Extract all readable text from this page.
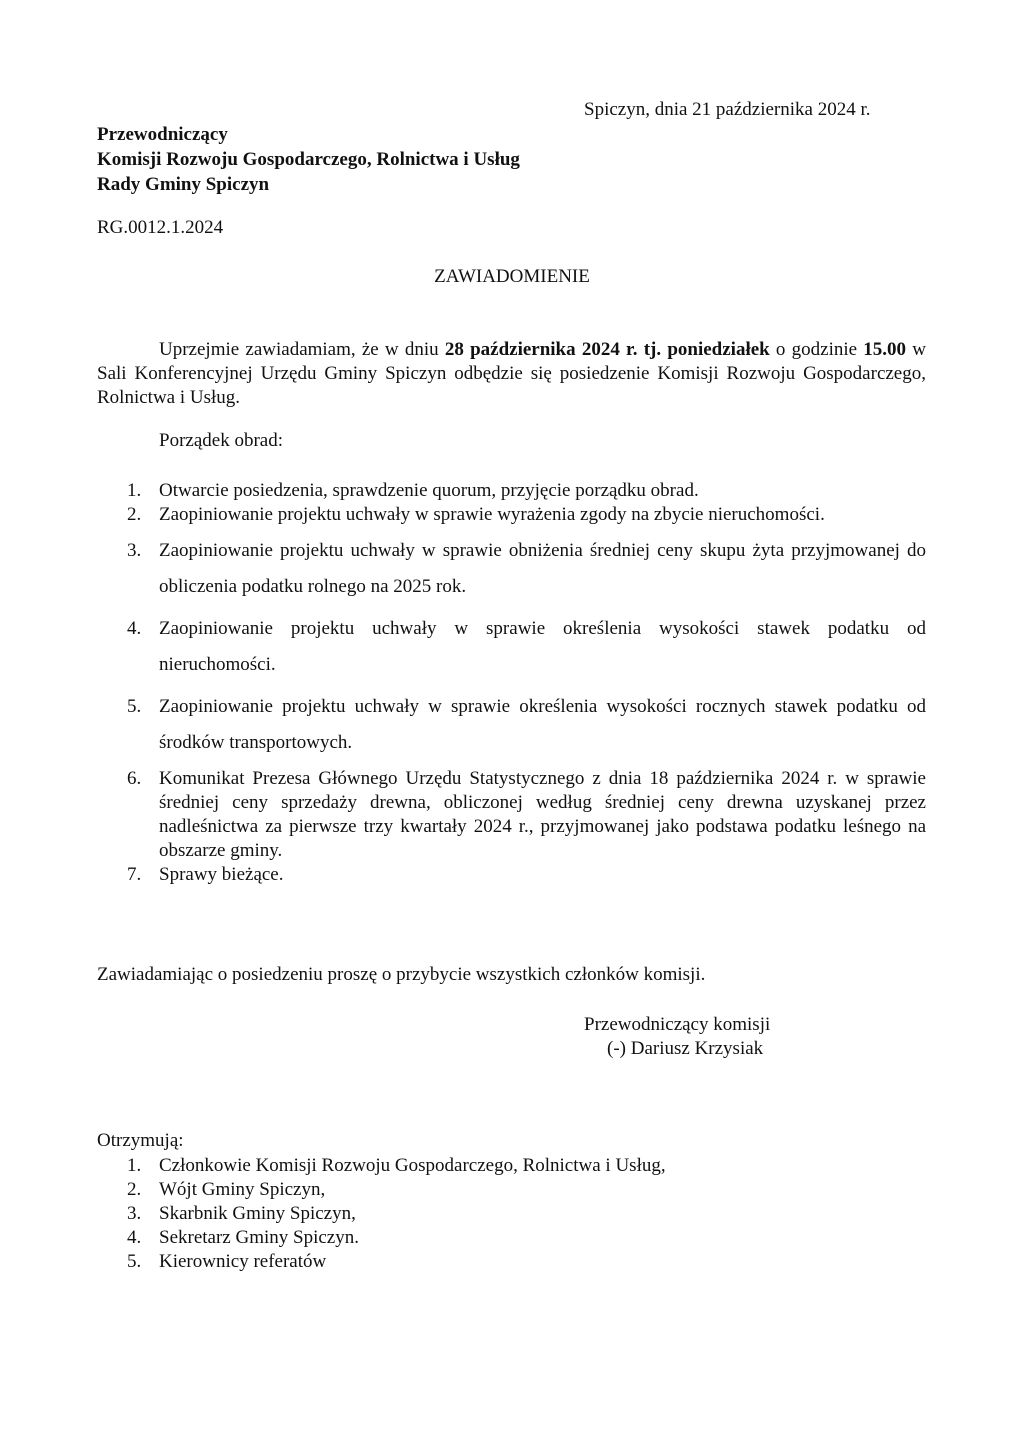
Spiczyn, dnia 21 października 2024 r.
Przewodniczący
Komisji Rozwoju Gospodarczego, Rolnictwa i Usług
Rady Gminy Spiczyn
RG.0012.1.2024
ZAWIADOMIENIE
Uprzejmie zawiadamiam, że w dniu 28 października 2024 r. tj. poniedziałek o godzinie 15.00 w Sali Konferencyjnej Urzędu Gminy Spiczyn odbędzie się posiedzenie Komisji Rozwoju Gospodarczego, Rolnictwa i Usług.
Porządek obrad:
1. Otwarcie posiedzenia, sprawdzenie quorum, przyjęcie porządku obrad.
2. Zaopiniowanie projektu uchwały w sprawie wyrażenia zgody na zbycie nieruchomości.
3. Zaopiniowanie projektu uchwały w sprawie obniżenia średniej ceny skupu żyta przyjmowanej do obliczenia podatku rolnego na 2025 rok.
4. Zaopiniowanie projektu uchwały w sprawie określenia wysokości stawek podatku od nieruchomości.
5. Zaopiniowanie projektu uchwały w sprawie określenia wysokości rocznych stawek podatku od środków transportowych.
6. Komunikat Prezesa Głównego Urzędu Statystycznego z dnia 18 października 2024 r. w sprawie średniej ceny sprzedaży drewna, obliczonej według średniej ceny drewna uzyskanej przez nadleśnictwa za pierwsze trzy kwartały 2024 r., przyjmowanej jako podstawa podatku leśnego na obszarze gminy.
7. Sprawy bieżące.
Zawiadamiając o posiedzeniu proszę o przybycie wszystkich członków komisji.
Przewodniczący komisji
(-) Dariusz Krzysiak
Otrzymują:
1. Członkowie Komisji Rozwoju Gospodarczego, Rolnictwa i Usług,
2. Wójt Gminy Spiczyn,
3. Skarbnik Gminy Spiczyn,
4. Sekretarz Gminy Spiczyn.
5. Kierownicy referatów
